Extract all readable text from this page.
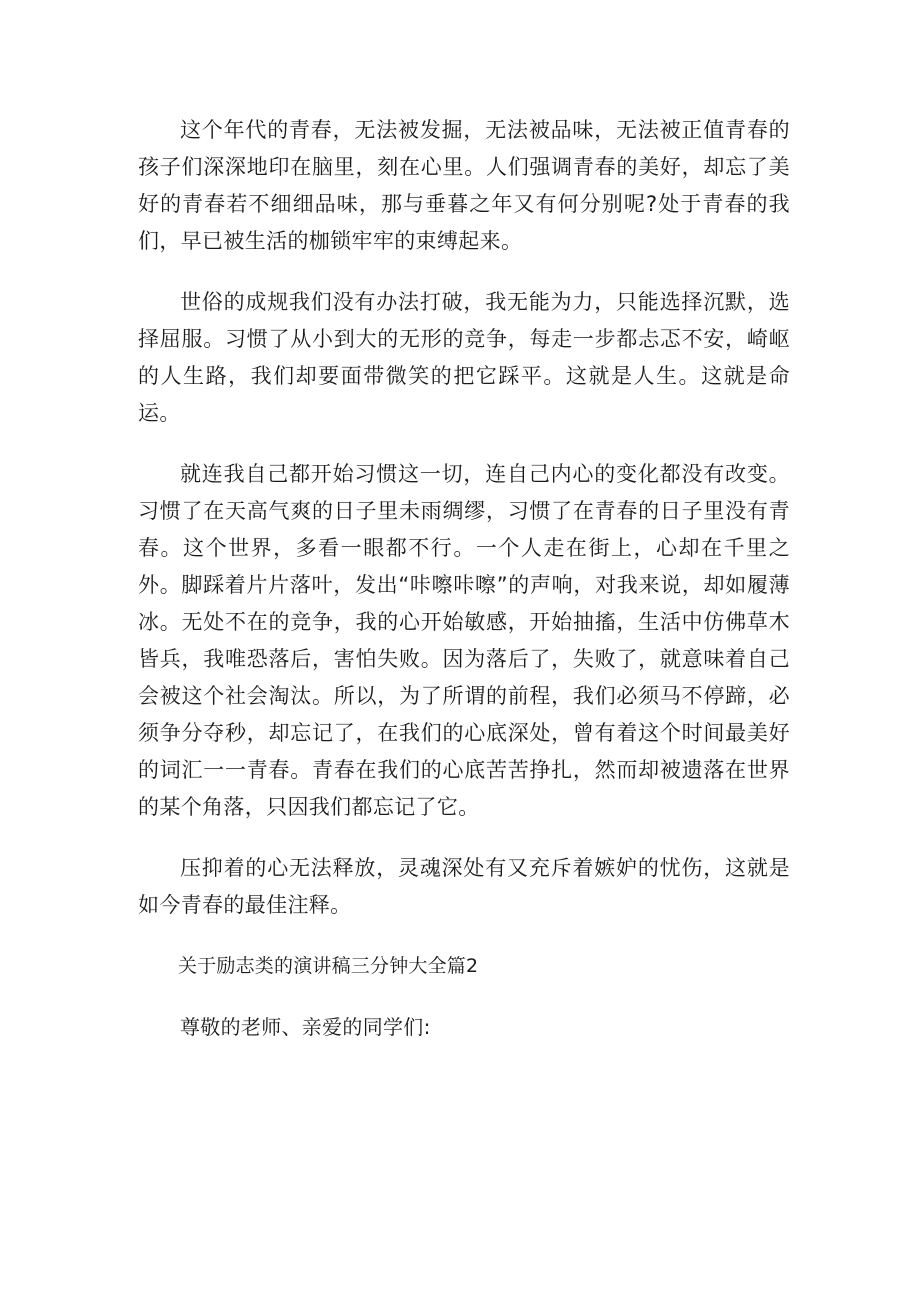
这个年代的青春，无法被发掘，无法被品味，无法被正值青春的孩子们深深地印在脑里，刻在心里。人们强调青春的美好，却忘了美好的青春若不细细品味，那与垂暮之年又有何分别呢?处于青春的我们，早已被生活的枷锁牢牢的束缚起来。

世俗的成规我们没有办法打破，我无能为力，只能选择沉默，选择屈服。习惯了从小到大的无形的竞争，每走一步都忐忑不安，崎岖的人生路，我们却要面带微笑的把它踩平。这就是人生。这就是命运。

就连我自己都开始习惯这一切，连自己内心的变化都没有改变。习惯了在天高气爽的日子里未雨绸缪，习惯了在青春的日子里没有青春。这个世界，多看一眼都不行。一个人走在街上，心却在千里之外。脚踩着片片落叶，发出“咔嚓咔嚓”的声响，对我来说，却如履薄冰。无处不在的竞争，我的心开始敏感，开始抽搐，生活中仿佛草木皆兵，我唯恐落后，害怕失败。因为落后了，失败了，就意味着自己会被这个社会淘汰。所以，为了所谓的前程，我们必须马不停蹄，必须争分夺秒，却忘记了，在我们的心底深处，曾有着这个时间最美好的词汇一一青春。青春在我们的心底苦苦挣扎，然而却被遗落在世界的某个角落，只因我们都忘记了它。

压抑着的心无法释放，灵魂深处有又充斥着嫉妒的忧伤，这就是如今青春的最佳注释。

关于励志类的演讲稿三分钟大全篇2

尊敬的老师、亲爱的同学们:
